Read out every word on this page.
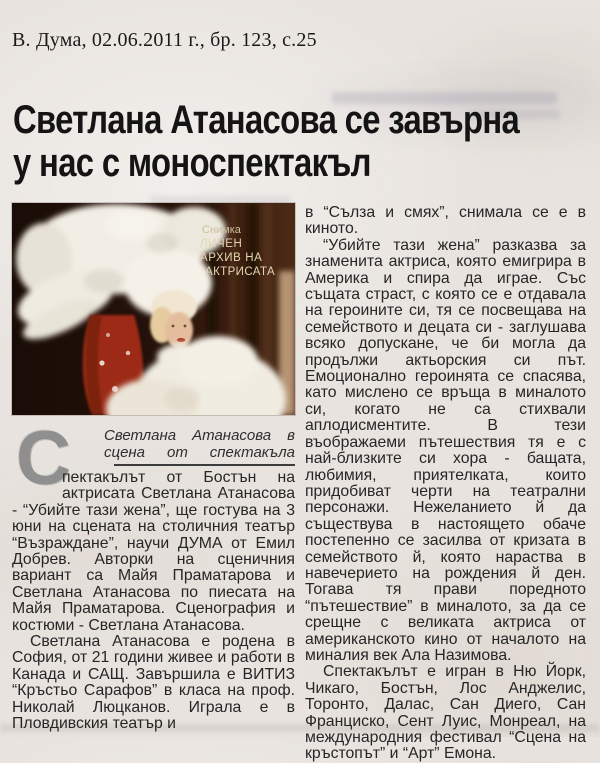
В. Дума, 02.06.2011 г., бр. 123, с.25
Светлана Атанасова се завърна
у нас с моноспектакъл
Снимка
ЛИЧЕН
АРХИВ НА
АКТРИСАТА
С Светлана Атанасова в сцена от спектакъла

пектакълът от Бостън на актрисата Светлана Атанасова - “Убийте тази жена”, ще гостува на 3 юни на сцената на столичния театър “Възраждане”, научи ДУМА от Емил Добрев. Авторки на сценичния вариант са Майя Праматарова и Светлана Атанасова по пиесата на Майя Праматарова. Сценография и костюми - Светлана Атанасова.

Светлана Атанасова е родена в София, от 21 години живее и работи в Канада и САЩ. Завършила е ВИТИЗ “Кръстьо Сарафов” в класа на проф. Николай Люцканов. Играла е в Пловдивския театър и

в “Сълза и смях”, снимала се е в киното.

“Убийте тази жена” разказва за знаменита актриса, която емигрира в Америка и спира да играе. Със същата страст, с която се е отдавала на героините си, тя се посвещава на семейството и децата си - заглушава всяко допускане, че би могла да продължи актьорския си път. Емоционално героинята се спасява, като мислено се връща в миналото си, когато не са стихвали аплодисментите. В тези въображаеми пътешествия тя е с най-близките си хора - бащата, любимия, приятелката, които придобиват черти на театрални персонажи. Нежеланието й да съществува в настоящето обаче постепенно се засилва от кризата в семейството й, която нараства в навечерието на рождения й ден. Тогава тя прави поредното “пътешествие” в миналото, за да се срещне с великата актриса от американското кино от началото на миналия век Ала Назимова.

Спектакълът е игран в Ню Йорк, Чикаго, Бостън, Лос Анджелис, Торонто, Далас, Сан Диего, Сан Франциско, Сент Луис, Монреал, на международния фестивал “Сцена на кръстопът” и “Арт” Емона.
